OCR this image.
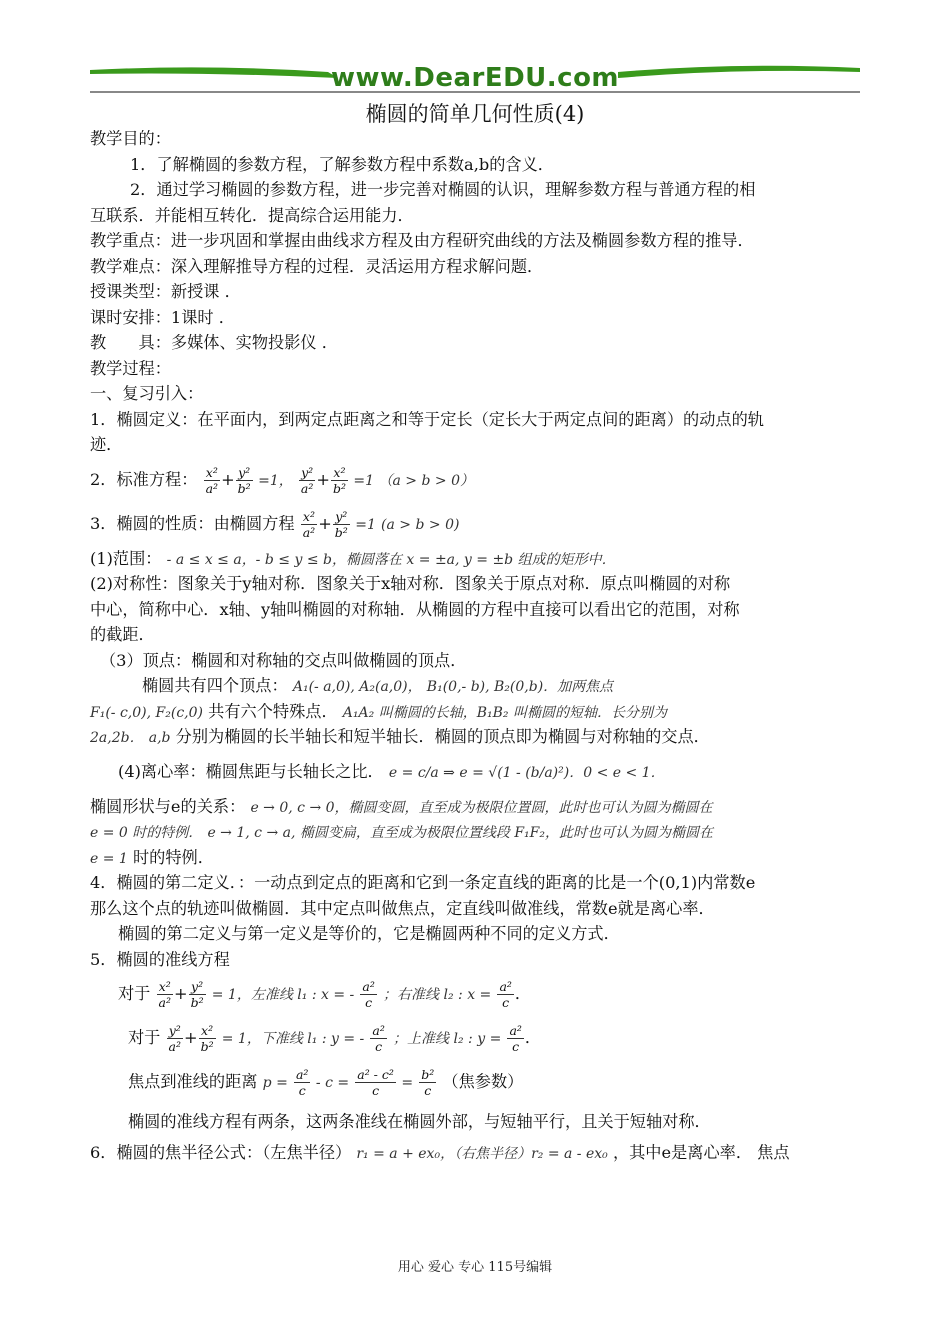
www.DearEDU.com
椭圆的简单几何性质(4)
教学目的：
1．了解椭圆的参数方程，了解参数方程中系数a,b的含义．
2．通过学习椭圆的参数方程，进一步完善对椭圆的认识，理解参数方程与普通方程的相
互联系．并能相互转化．提高综合运用能力．
教学重点：进一步巩固和掌握由曲线求方程及由方程研究曲线的方法及椭圆参数方程的推导．
教学难点：深入理解推导方程的过程．灵活运用方程求解问题．
授课类型：新授课 ．
课时安排：1课时 ．
教　　具：多媒体、实物投影仪 ．
教学过程：
一、复习引入：
1．椭圆定义：在平面内，到两定点距离之和等于定长（定长大于两定点间的距离）的动点的轨
迹．
2．标准方程： $\frac{\text{x²}}{\text{a²}} + \frac{\text{y²}}{\text{b²}} =1$， $\frac{\text{y²}}{\text{a²}} + \frac{\text{x²}}{\text{b²}} =1$ （a > b > 0）
3．椭圆的性质：由椭圆方程 $\frac{\text{x²}}{\text{a²}} + \frac{\text{y²}}{\text{b²}} =1$ (a > b > 0)
(1)范围： - a ≤ x ≤ a，- b ≤ y ≤ b，椭圆落在 x = ±a, y = ±b 组成的矩形中．
(2)对称性：图象关于y轴对称．图象关于x轴对称．图象关于原点对称．原点叫椭圆的对称
中心，简称中心．x轴、y轴叫椭圆的对称轴．从椭圆的方程中直接可以看出它的范围，对称
的截距．
（3）顶点：椭圆和对称轴的交点叫做椭圆的顶点．
椭圆共有四个顶点： A₁(- a,0), A₂(a,0)， B₁(0,- b), B₂(0,b)．加两焦点
F₁(- c,0), F₂(c,0) 共有六个特殊点． A₁A₂ 叫椭圆的长轴，B₁B₂ 叫椭圆的短轴．长分别为
2a,2b． a,b 分别为椭圆的长半轴长和短半轴长．椭圆的顶点即为椭圆与对称轴的交点．
(4)离心率：椭圆焦距与长轴长之比． e = c/a ⇒ e = √(1 - (b/a)²)．0 < e < 1．
椭圆形状与e的关系： e → 0, c → 0，椭圆变圆，直至成为极限位置圆，此时也可认为圆为椭圆在
e = 0 时的特例． e → 1, c → a, 椭圆变扁，直至成为极限位置线段 F₁F₂，此时也可认为圆为椭圆在
e = 1 时的特例．
4．椭圆的第二定义．：一动点到定点的距离和它到一条定直线的距离的比是一个(0,1)内常数e
那么这个点的轨迹叫做椭圆．其中定点叫做焦点，定直线叫做准线，常数e就是离心率．
椭圆的第二定义与第一定义是等价的，它是椭圆两种不同的定义方式．
5．椭圆的准线方程
对于 $\frac{\text{x²}}{\text{a²}} + \frac{\text{y²}}{\text{b²}} = 1$，左准线 l₁ : x = - $\frac{\text{a²}}{c}$ ；右准线 l₂ : $x = \frac{\text{a²}}{c}$ ．
对于 $\frac{\text{y²}}{\text{a²}} + \frac{\text{x²}}{\text{b²}} = 1$，下准线 l₁ : y = - $\frac{\text{a²}}{c}$ ；上准线 l₂ : $y = \frac{\text{a²}}{c}$ ．
焦点到准线的距离 $p = \frac{\text{a²}}{c} - c = \frac{\text{a² - c²}}{c} = \frac{\text{b²}}{c}$ （焦参数）
椭圆的准线方程有两条，这两条准线在椭圆外部，与短轴平行，且关于短轴对称．
6．椭圆的焦半径公式：（左焦半径） r₁ = a + ex₀，（右焦半径）r₂ = a - ex₀ ，其中e是离心率． 焦点
用心 爱心 专心 115号编辑
